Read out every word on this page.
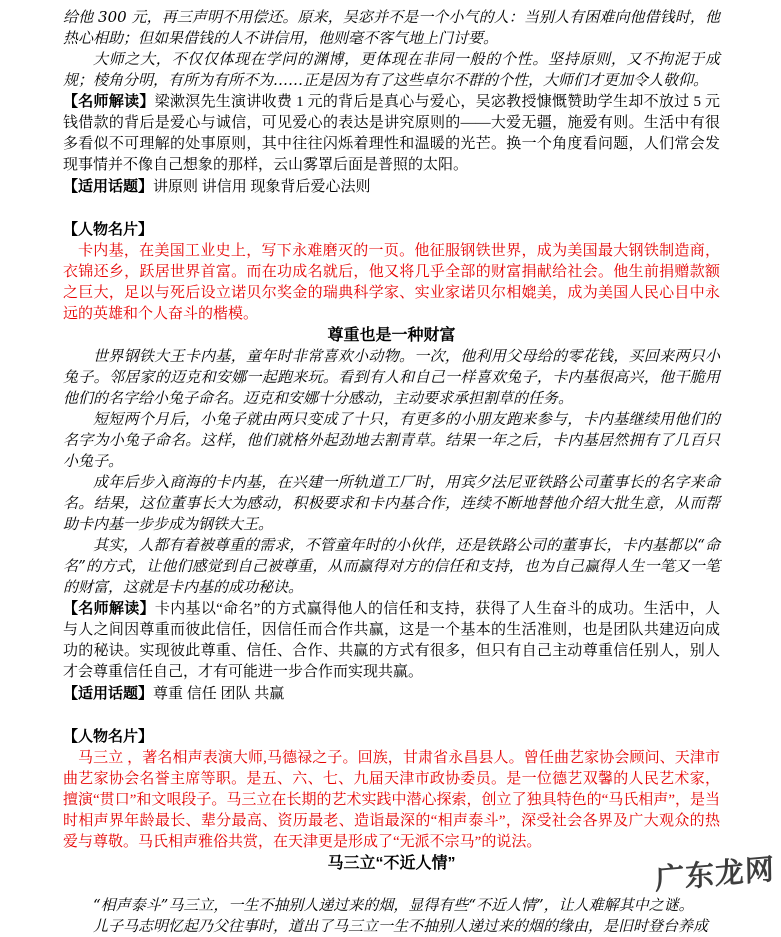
给他 300 元，再三声明不用偿还。原来，吴宓并不是一个小气的人：当别人有困难向他借钱时，他热心相助；但如果借钱的人不讲信用，他则毫不客气地上门讨要。

大师之大，不仅仅体现在学问的渊博，更体现在非同一般的个性。坚持原则，又不拘泥于成规；棱角分明，有所为有所不为……正是因为有了这些卓尔不群的个性，大师们才更加令人敬仰。

【名师解读】梁漱溟先生演讲收费 1 元的背后是真心与爱心，吴宓教授慷慨赞助学生却不放过 5 元钱借款的背后是爱心与诚信，可见爱心的表达是讲究原则的——大爱无疆，施爱有则。生活中有很多看似不可理解的处事原则，其中往往闪烁着理性和温暖的光芒。换一个角度看问题，人们常会发现事情并不像自己想象的那样，云山雾罩后面是普照的太阳。

【适用话题】讲原则 讲信用 现象背后爱心法则

【人物名片】

卡内基，在美国工业史上，写下永难磨灭的一页。他征服钢铁世界，成为美国最大钢铁制造商，衣锦还乡，跃居世界首富。而在功成名就后，他又将几乎全部的财富捐献给社会。他生前捐赠款额之巨大，足以与死后设立诺贝尔奖金的瑞典科学家、实业家诺贝尔相媲美，成为美国人民心目中永远的英雄和个人奋斗的楷模。

尊重也是一种财富

世界钢铁大王卡内基，童年时非常喜欢小动物。一次，他利用父母给的零花钱，买回来两只小兔子。邻居家的迈克和安娜一起跑来玩。看到有人和自己一样喜欢兔子，卡内基很高兴，他干脆用他们的名字给小兔子命名。迈克和安娜十分感动，主动要求承担割草的任务。

短短两个月后，小兔子就由两只变成了十只，有更多的小朋友跑来参与，卡内基继续用他们的名字为小兔子命名。这样，他们就格外起劲地去割青草。结果一年之后，卡内基居然拥有了几百只小兔子。

成年后步入商海的卡内基，在兴建一所轨道工厂时，用宾夕法尼亚铁路公司董事长的名字来命名。结果，这位董事长大为感动，积极要求和卡内基合作，连续不断地替他介绍大批生意，从而帮助卡内基一步步成为钢铁大王。

其实，人都有着被尊重的需求，不管童年时的小伙伴，还是铁路公司的董事长，卡内基都以“命名”的方式，让他们感觉到自己被尊重，从而赢得对方的信任和支持，也为自己赢得人生一笔又一笔的财富，这就是卡内基的成功秘诀。

【名师解读】卡内基以“命名”的方式赢得他人的信任和支持，获得了人生奋斗的成功。生活中，人与人之间因尊重而彼此信任，因信任而合作共赢，这是一个基本的生活准则，也是团队共建迈向成功的秘诀。实现彼此尊重、信任、合作、共赢的方式有很多，但只有自己主动尊重信任别人，别人才会尊重信任自己，才有可能进一步合作而实现共赢。

【适用话题】尊重 信任 团队 共赢

【人物名片】

马三立 ，著名相声表演大师,马德禄之子。回族，甘肃省永昌县人。曾任曲艺家协会顾问、天津市曲艺家协会名誉主席等职。是五、六、七、九届天津市政协委员。是一位德艺双馨的人民艺术家，擅演“贯口”和文哏段子。马三立在长期的艺术实践中潜心探索，创立了独具特色的“马氏相声”，是当时相声界年龄最长、辈分最高、资历最老、造诣最深的“相声泰斗”，深受社会各界及广大观众的热爱与尊敬。马氏相声雅俗共赏，在天津更是形成了“无派不宗马”的说法。

马三立“不近人情”

“相声泰斗”马三立，一生不抽别人递过来的烟，显得有些“不近人情”，让人难解其中之谜。

儿子马志明忆起乃父往事时，道出了马三立一生不抽别人递过来的烟的缘由，是旧时登台养成

广东龙网
